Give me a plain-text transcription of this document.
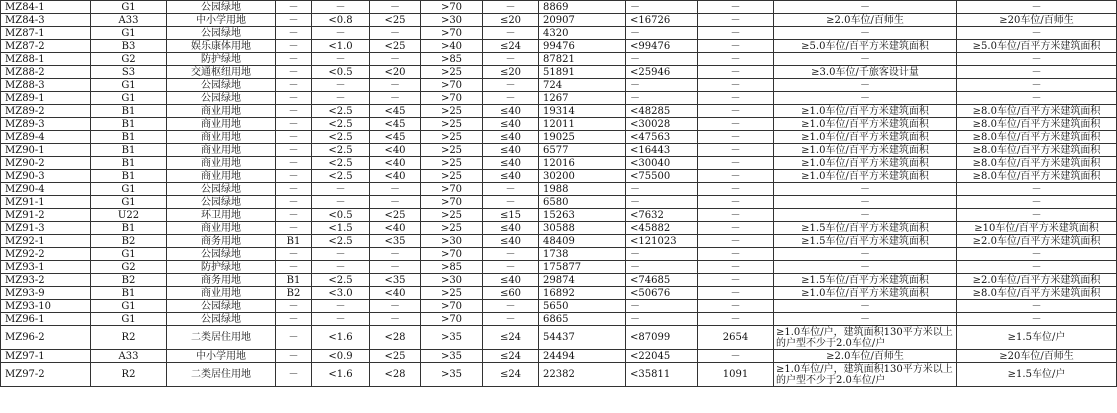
MZ84-1	G1	公园绿地	－	－	－	>70	－	8869	－	－	－	－
MZ84-3	A33	中小学用地	－	<0.8	<25	>30	≤20	20907	<16726	－	≥2.0车位/百师生	≥20车位/百师生
MZ87-1	G1	公园绿地	－	－	－	>70	－	4320	－	－	－	－
MZ87-2	B3	娱乐康体用地	－	<1.0	<25	>40	≤24	99476	<99476	－	≥5.0车位/百平方米建筑面积	≥5.0车位/百平方米建筑面积
MZ88-1	G2	防护绿地	－	－	－	>85	－	87821	－	－	－	－
MZ88-2	S3	交通枢纽用地	－	<0.5	<20	>25	≤20	51891	<25946	－	≥3.0车位/千旅客设计量	－
MZ88-3	G1	公园绿地	－	－	－	>70	－	724	－	－	－	－
MZ89-1	G1	公园绿地	－	－	－	>70	－	1267	－	－	－	－
MZ89-2	B1	商业用地	－	<2.5	<45	>25	≤40	19314	<48285	－	≥1.0车位/百平方米建筑面积	≥8.0车位/百平方米建筑面积
MZ89-3	B1	商业用地	－	<2.5	<45	>25	≤40	12011	<30028	－	≥1.0车位/百平方米建筑面积	≥8.0车位/百平方米建筑面积
MZ89-4	B1	商业用地	－	<2.5	<45	>25	≤40	19025	<47563	－	≥1.0车位/百平方米建筑面积	≥8.0车位/百平方米建筑面积
MZ90-1	B1	商业用地	－	<2.5	<40	>25	≤40	6577	<16443	－	≥1.0车位/百平方米建筑面积	≥8.0车位/百平方米建筑面积
MZ90-2	B1	商业用地	－	<2.5	<40	>25	≤40	12016	<30040	－	≥1.0车位/百平方米建筑面积	≥8.0车位/百平方米建筑面积
MZ90-3	B1	商业用地	－	<2.5	<40	>25	≤40	30200	<75500	－	≥1.0车位/百平方米建筑面积	≥8.0车位/百平方米建筑面积
MZ90-4	G1	公园绿地	－	－	－	>70	－	1988	－	－	－	－
MZ91-1	G1	公园绿地	－	－	－	>70	－	6580	－	－	－	－
MZ91-2	U22	环卫用地	－	<0.5	<25	>25	≤15	15263	<7632	－	－	－
MZ91-3	B1	商业用地	－	<1.5	<40	>25	≤40	30588	<45882	－	≥1.5车位/百平方米建筑面积	≥10车位/百平方米建筑面积
MZ92-1	B2	商务用地	B1	<2.5	<35	>30	≤40	48409	<121023	－	≥1.5车位/百平方米建筑面积	≥2.0车位/百平方米建筑面积
MZ92-2	G1	公园绿地	－	－	－	>70	－	1738	－	－	－	－
MZ93-1	G2	防护绿地	－	－	－	>85	－	175877	－	－	－	－
MZ93-2	B2	商务用地	B1	<2.5	<35	>30	≤40	29874	<74685	－	≥1.5车位/百平方米建筑面积	≥2.0车位/百平方米建筑面积
MZ93-9	B1	商业用地	B2	<3.0	<40	>25	≤60	16892	<50676	－	≥1.0车位/百平方米建筑面积	≥8.0车位/百平方米建筑面积
MZ93-10	G1	公园绿地	－	－	－	>70	－	5650	－	－	－	－
MZ96-1	G1	公园绿地	－	－	－	>70	－	6865	－	－	－	－
MZ96-2	R2	二类居住用地	－	<1.6	<28	>35	≤24	54437	<87099	2654	≥1.0车位/户，建筑面积130平方米以上的户型不少于2.0车位/户	≥1.5车位/户
MZ97-1	A33	中小学用地	－	<0.9	<25	>35	≤24	24494	<22045	－	≥2.0车位/百师生	≥20车位/百师生
MZ97-2	R2	二类居住用地	－	<1.6	<28	>35	≤24	22382	<35811	1091	≥1.0车位/户，建筑面积130平方米以上的户型不少于2.0车位/户	≥1.5车位/户
